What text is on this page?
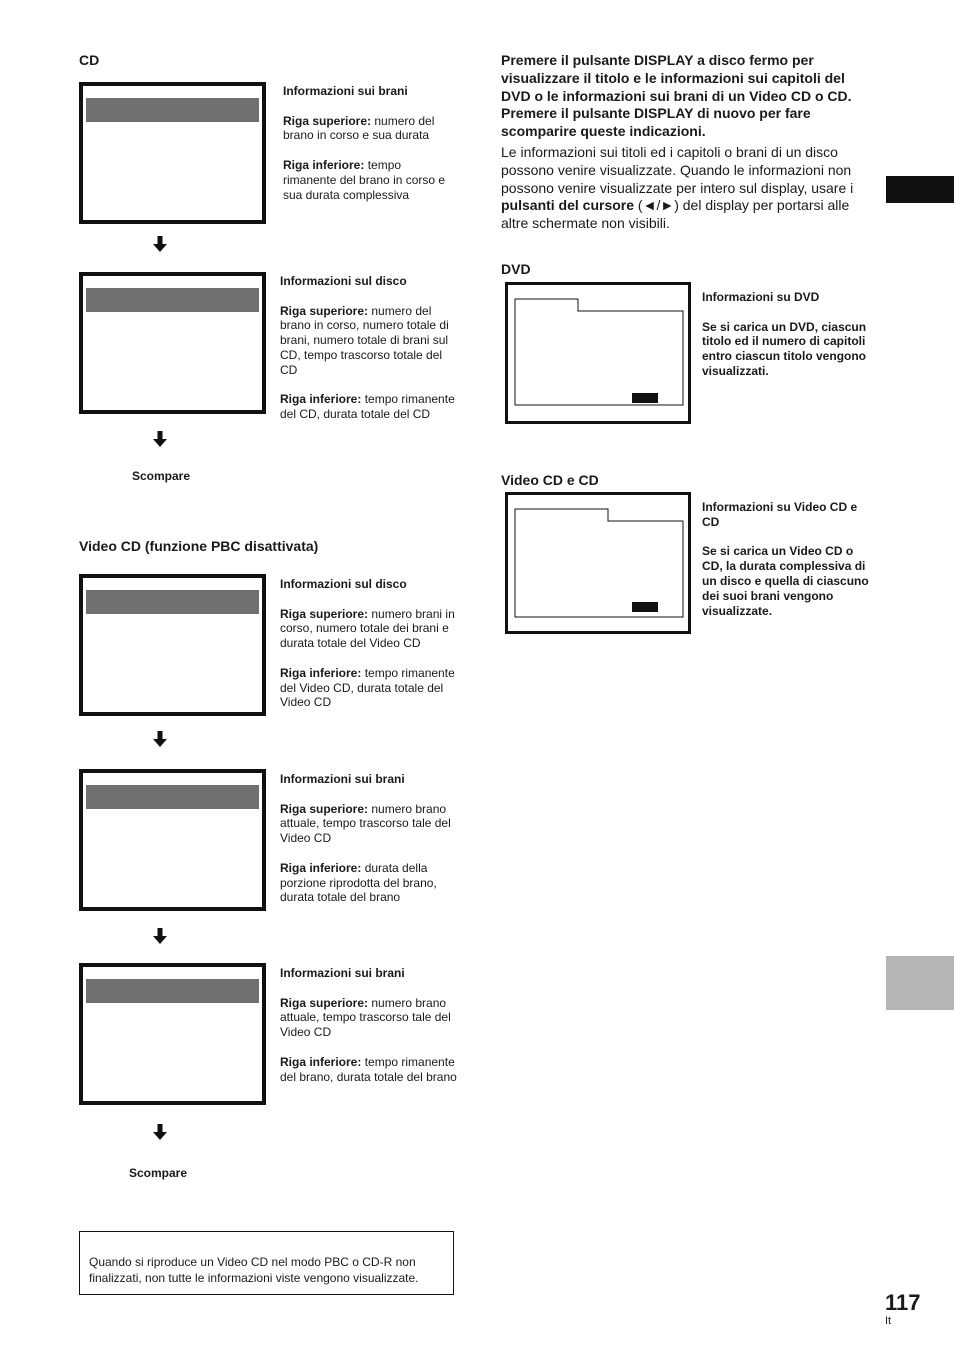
CD

Informazioni sui brani

Riga superiore: numero del brano in corso e sua durata

Riga inferiore: tempo rimanente del brano in corso e sua durata complessiva

Informazioni sul disco

Riga superiore: numero del brano in corso, numero totale di brani, numero totale di brani sul CD, tempo trascorso totale del CD

Riga inferiore: tempo rimanente del CD, durata totale del CD

Scompare
Video CD (funzione PBC disattivata)

Informazioni sul disco

Riga superiore: numero brani in corso, numero totale dei brani e durata totale del Video CD

Riga inferiore: tempo rimanente del Video CD, durata totale del Video CD

Informazioni sui brani

Riga superiore: numero brano attuale, tempo trascorso tale del Video CD

Riga inferiore: durata della porzione riprodotta del brano, durata totale del brano

Informazioni sui brani

Riga superiore: numero brano attuale, tempo trascorso tale del Video CD

Riga inferiore: tempo rimanente del brano, durata totale del brano

Scompare
Quando si riproduce un Video CD nel modo PBC o CD-R non finalizzati, non tutte le informazioni viste vengono visualizzate.

Premere il pulsante DISPLAY a disco fermo per visualizzare il titolo e le informazioni sui capitoli del DVD o le informazioni sui brani di un Video CD o CD. Premere il pulsante DISPLAY di nuovo per fare scomparire queste indicazioni.

Le informazioni sui titoli ed i capitoli o brani di un disco possono venire visualizzate. Quando le informazioni non possono venire visualizzate per intero sul display, usare i pulsanti del cursore (◄/►) del display per portarsi alle altre schermate non visibili.

DVD

Informazioni su DVD

Se si carica un DVD, ciascun titolo ed il numero di capitoli entro ciascun titolo vengono visualizzati.

Video CD e CD

Informazioni su Video CD e CD

Se si carica un Video CD o CD, la durata complessiva di un disco e quella di ciascuno dei suoi brani vengono visualizzate.

117
It
